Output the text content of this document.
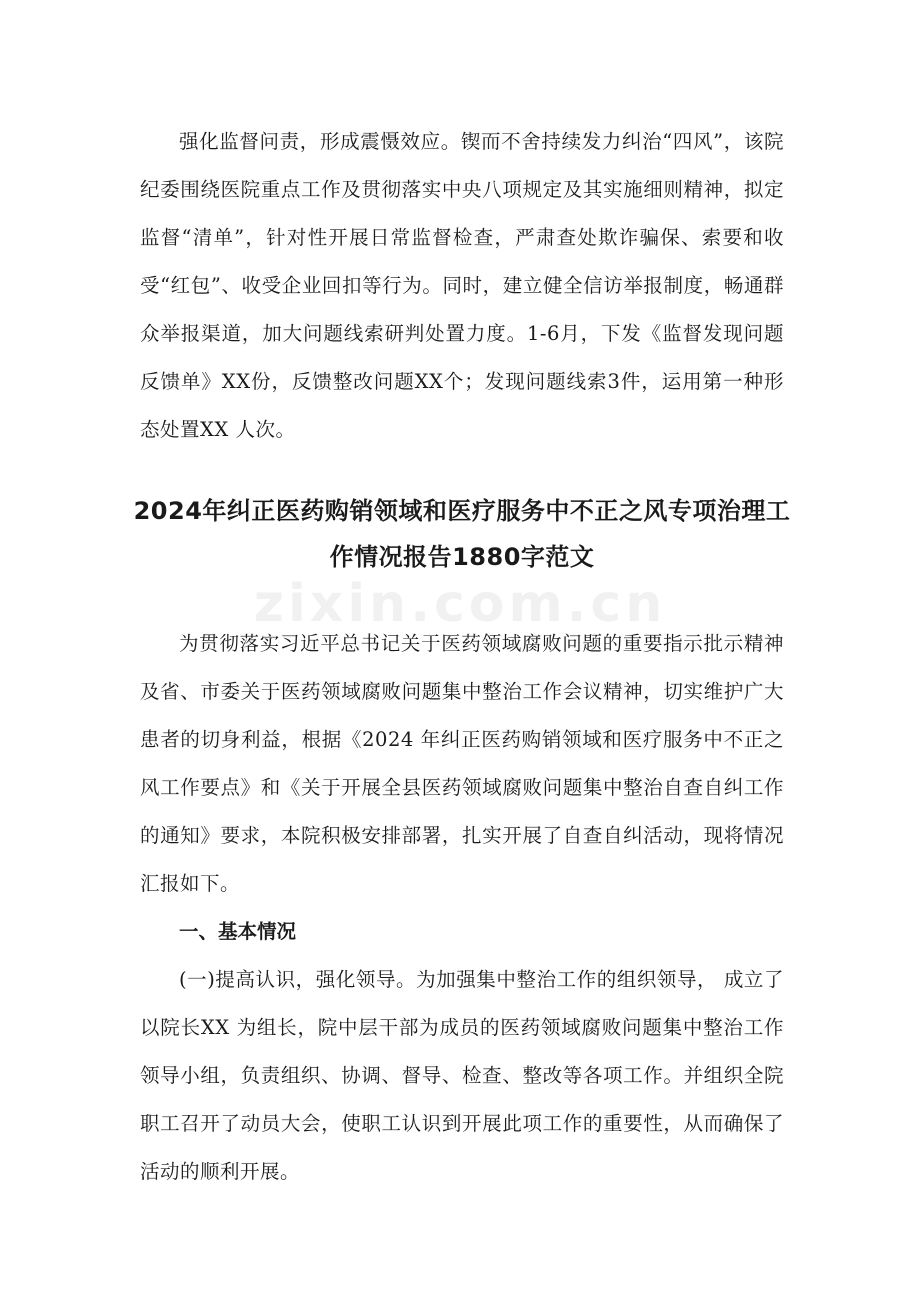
强化监督问责，形成震慑效应。锲而不舍持续发力纠治“四风”，该院纪委围绕医院重点工作及贯彻落实中央八项规定及其实施细则精神，拟定监督“清单”，针对性开展日常监督检查，严肃查处欺诈骗保、索要和收受“红包”、收受企业回扣等行为。同时，建立健全信访举报制度，畅通群众举报渠道，加大问题线索研判处置力度。1-6月，下发《监督发现问题反馈单》XX份，反馈整改问题XX个；发现问题线索3件，运用第一种形态处置XX 人次。

2024年纠正医药购销领域和医疗服务中不正之风专项治理工作情况报告1880字范文

为贯彻落实习近平总书记关于医药领域腐败问题的重要指示批示精神及省、市委关于医药领域腐败问题集中整治工作会议精神，切实维护广大患者的切身利益，根据《2024 年纠正医药购销领域和医疗服务中不正之风工作要点》和《关于开展全县医药领域腐败问题集中整治自查自纠工作的通知》要求，本院积极安排部署，扎实开展了自查自纠活动，现将情况汇报如下。

一、基本情况

(一)提高认识，强化领导。为加强集中整治工作的组织领导， 成立了以院长XX 为组长，院中层干部为成员的医药领域腐败问题集中整治工作领导小组，负责组织、协调、督导、检查、整改等各项工作。并组织全院职工召开了动员大会，使职工认识到开展此项工作的重要性，从而确保了活动的顺利开展。

zixin.com.cn
